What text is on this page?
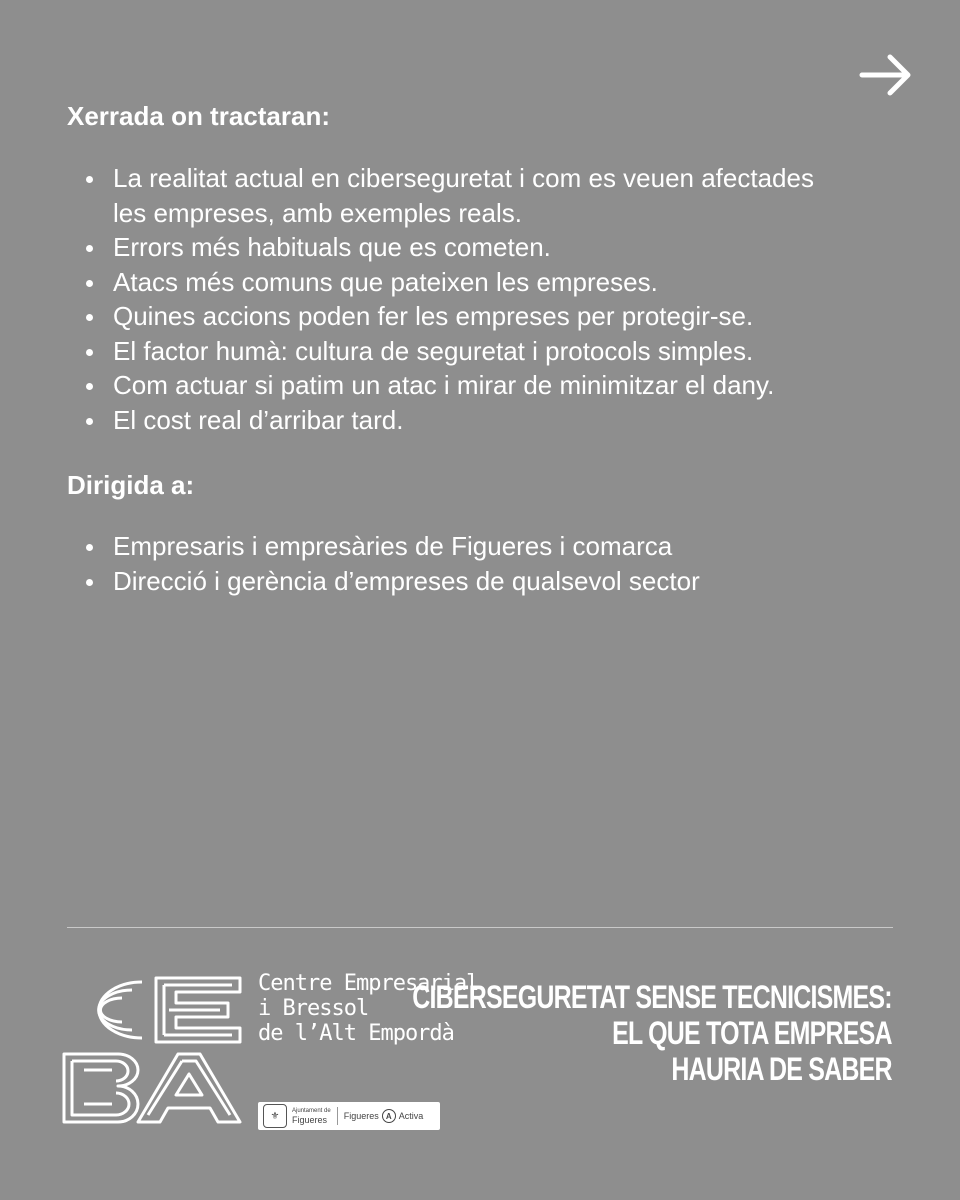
Xerrada on tractaran:
La realitat actual en ciberseguretat i com es veuen afectades
les empreses, amb exemples reals.
Errors més habituals que es cometen.
Atacs més comuns que pateixen les empreses.
Quines accions poden fer les empreses per protegir-se.
El factor humà: cultura de seguretat i protocols simples.
Com actuar si patim un atac i mirar de minimitzar el dany.
El cost real d’arribar tard.
Dirigida a:
Empresaris i empresàries de Figueres i comarca
Direcció i gerència d’empreses de qualsevol sector
Centre Empresarial
i Bressol
de l’Alt Empordà
⚜	Ajuntament de
Figueres	Figueres A Activa
CIBERSEGURETAT SENSE TECNICISMES:
EL QUE TOTA EMPRESA
HAURIA DE SABER
